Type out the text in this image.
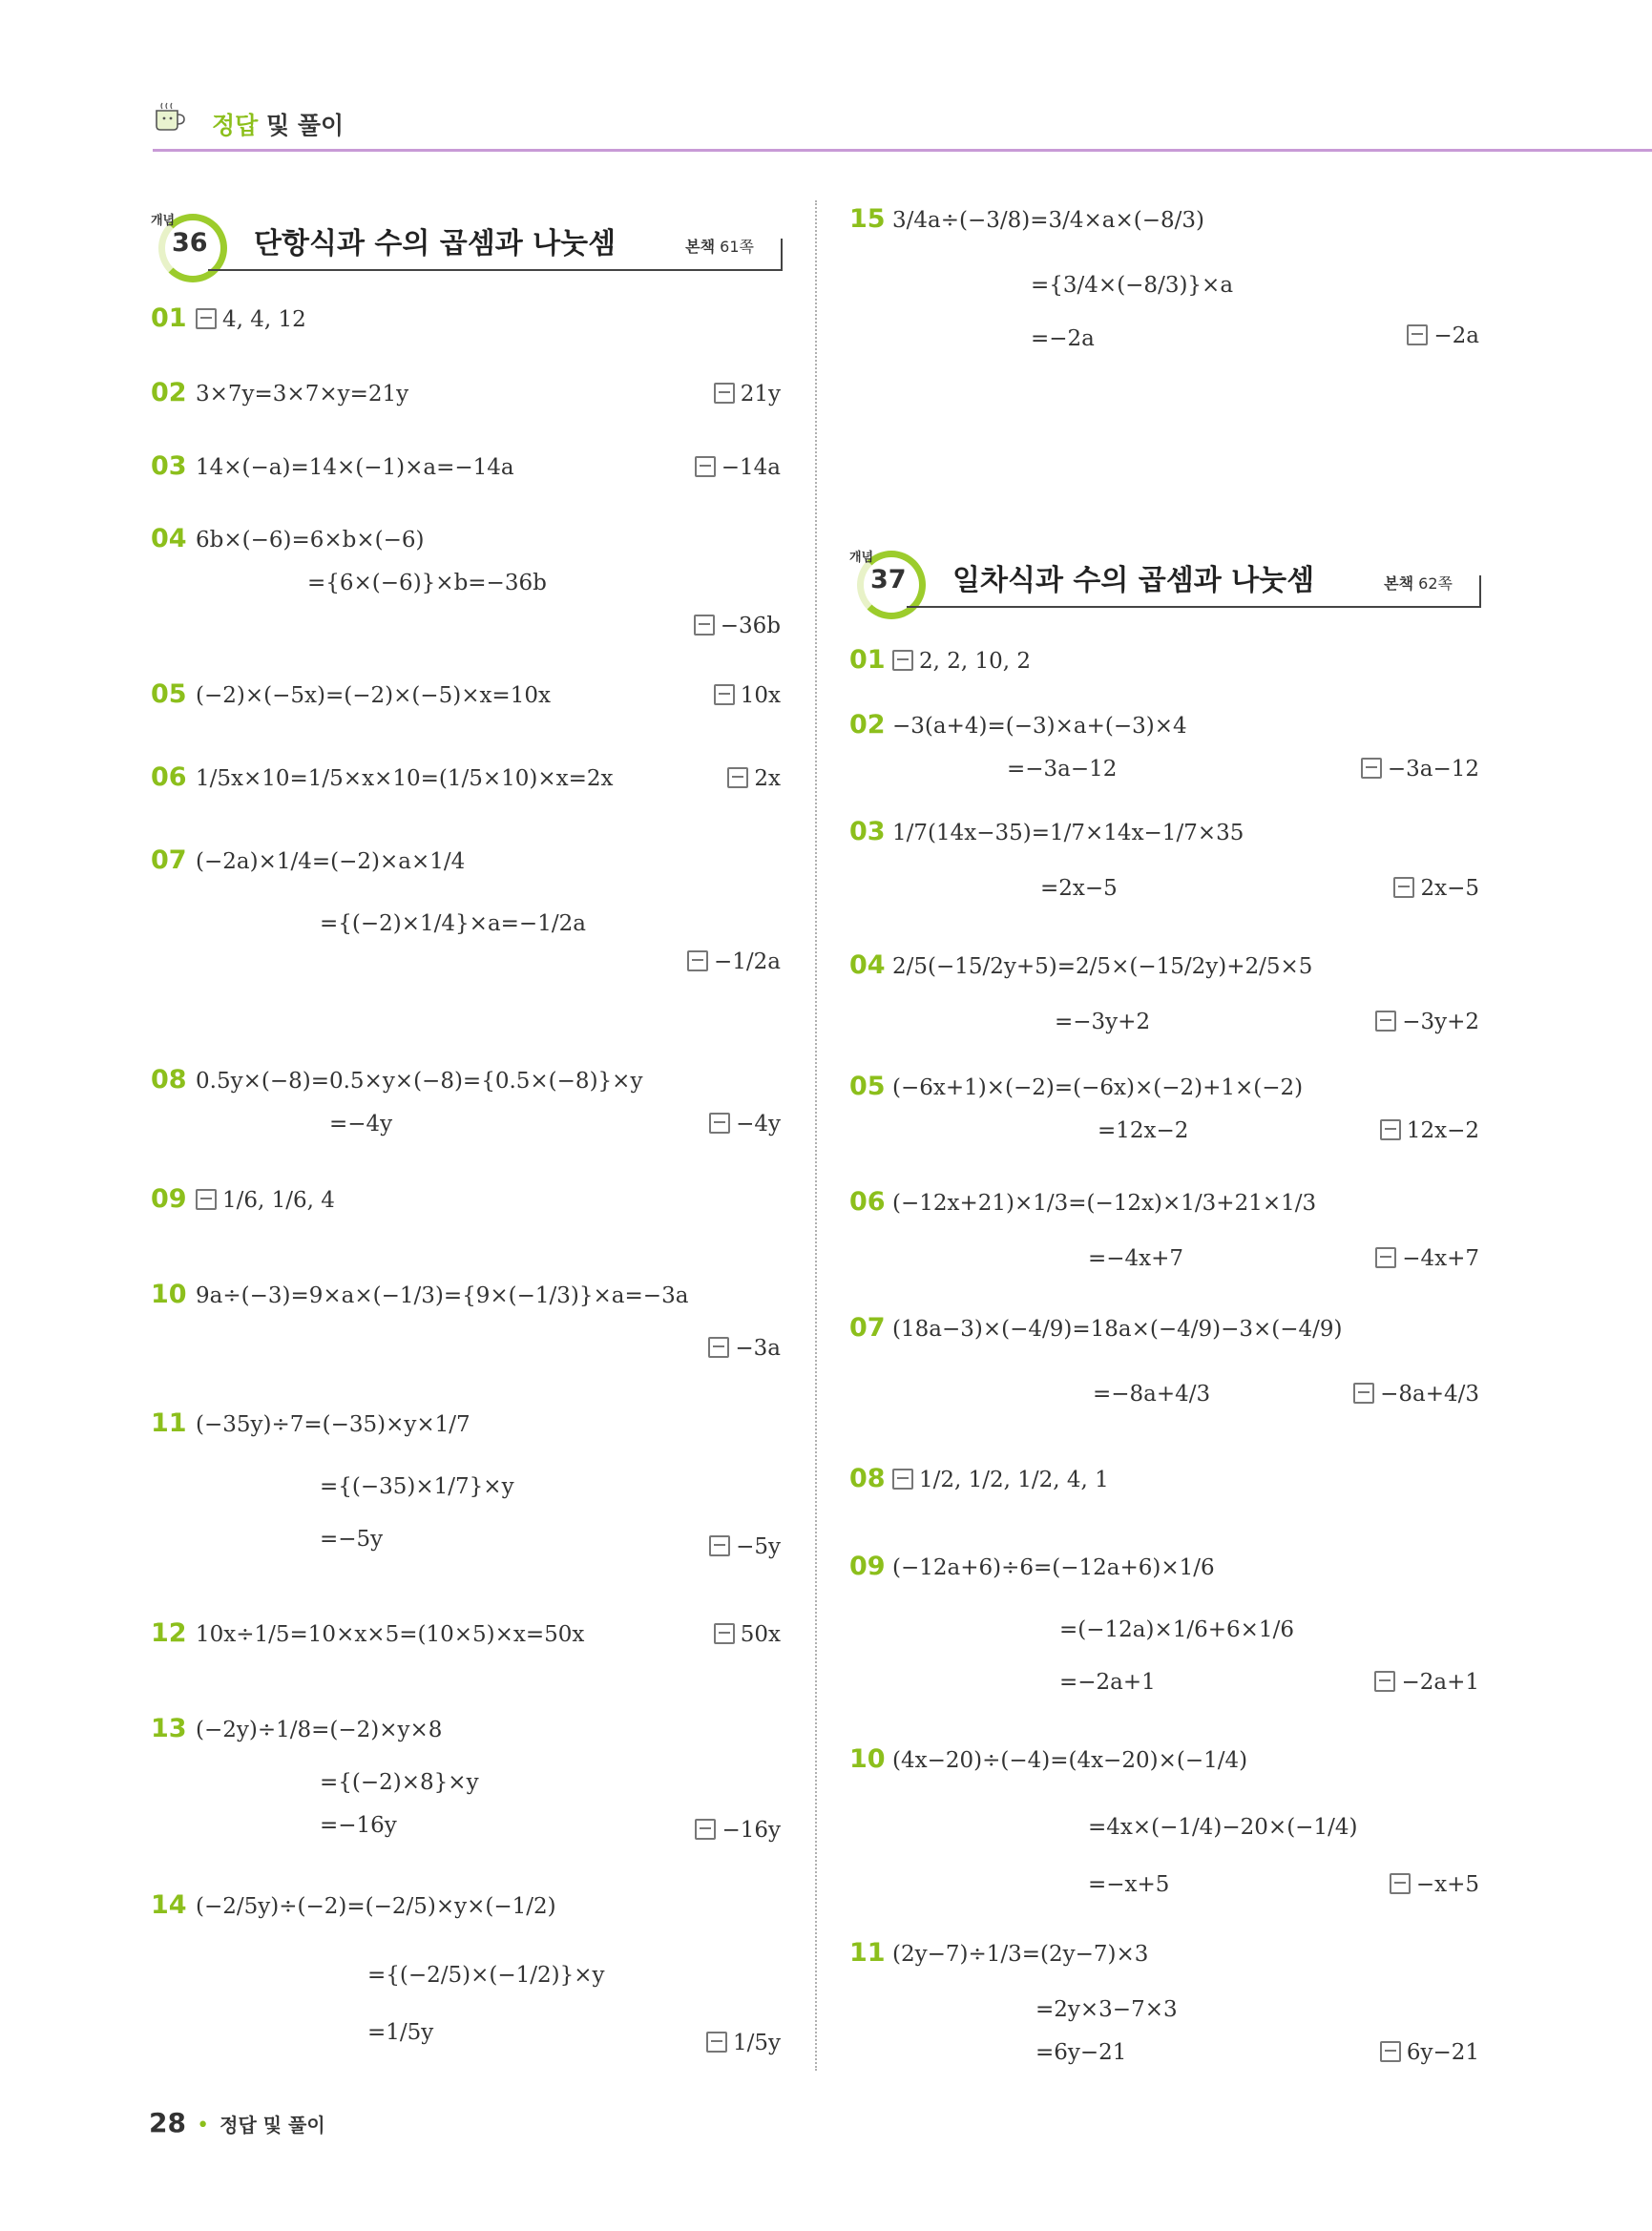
정답 및 풀이
개념
36 단항식과 수의 곱셈과 나눗셈	본책 61쪽
개념
37 일차식과 수의 곱셈과 나눗셈	본책 62쪽
01	4, 4, 12
02 3×7y=3×7×y=21y	21y
03 14×(−a)=14×(−1)×a=−14a	−14a
04 6b×(−6)=6×b×(−6)
={6×(−6)}×b=−36b
−36b
05 (−2)×(−5x)=(−2)×(−5)×x=10x	10x
06 1/5x×10=1/5×x×10=(1/5×10)×x=2x	2x
07 (−2a)×1/4=(−2)×a×1/4
={(−2)×1/4}×a=−1/2a
−1/2a
08 0.5y×(−8)=0.5×y×(−8)={0.5×(−8)}×y
=−4y	−4y
09	1/6, 1/6, 4
10 9a÷(−3)=9×a×(−1/3)={9×(−1/3)}×a=−3a
−3a
11 (−35y)÷7=(−35)×y×1/7
={(−35)×1/7}×y
=−5y	−5y
12 10x÷1/5=10×x×5=(10×5)×x=50x	50x
13 (−2y)÷1/8=(−2)×y×8
={(−2)×8}×y
=−16y	−16y
14 (−2/5y)÷(−2)=(−2/5)×y×(−1/2)
={(−2/5)×(−1/2)}×y
=1/5y	1/5y
15 3/4a÷(−3/8)=3/4×a×(−8/3)
={3/4×(−8/3)}×a
=−2a	−2a
01	2, 2, 10, 2
02 −3(a+4)=(−3)×a+(−3)×4
=−3a−12	−3a−12
03 1/7(14x−35)=1/7×14x−1/7×35
=2x−5	2x−5
04 2/5(−15/2y+5)=2/5×(−15/2y)+2/5×5
=−3y+2	−3y+2
05 (−6x+1)×(−2)=(−6x)×(−2)+1×(−2)
=12x−2	12x−2
06 (−12x+21)×1/3=(−12x)×1/3+21×1/3
=−4x+7	−4x+7
07 (18a−3)×(−4/9)=18a×(−4/9)−3×(−4/9)
=−8a+4/3	−8a+4/3
08	1/2, 1/2, 1/2, 4, 1
09 (−12a+6)÷6=(−12a+6)×1/6
=(−12a)×1/6+6×1/6
=−2a+1	−2a+1
10 (4x−20)÷(−4)=(4x−20)×(−1/4)
=4x×(−1/4)−20×(−1/4)
=−x+5	−x+5
11 (2y−7)÷1/3=(2y−7)×3
=2y×3−7×3
=6y−21	6y−21
28 • 정답 및 풀이
